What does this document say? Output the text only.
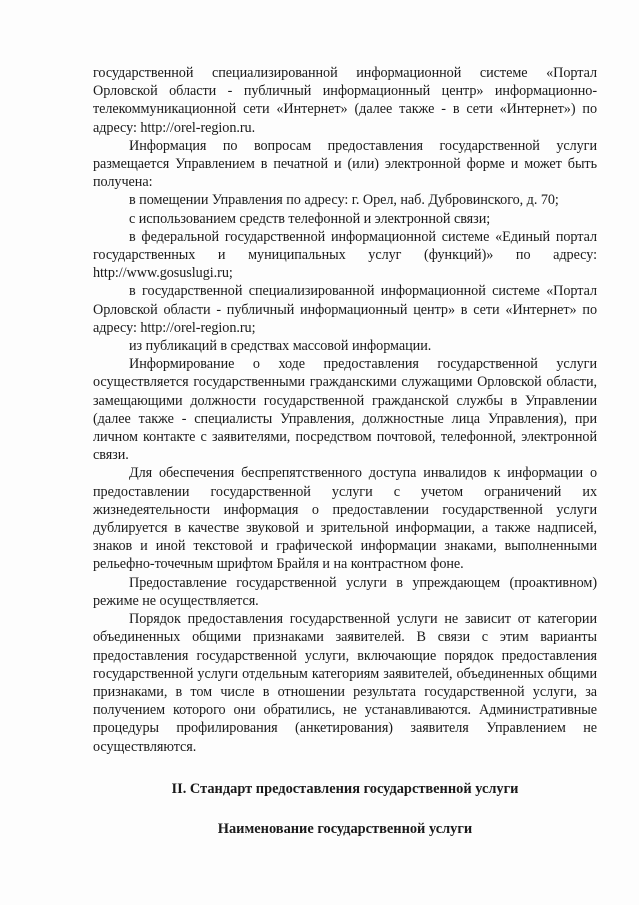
государственной специализированной информационной системе «Портал Орловской области - публичный информационный центр» информационно-телекоммуникационной сети «Интернет» (далее также - в сети «Интернет») по адресу: http://orel-region.ru.

Информация по вопросам предоставления государственной услуги размещается Управлением в печатной и (или) электронной форме и может быть получена:

в помещении Управления по адресу: г. Орел, наб. Дубровинского, д. 70;

с использованием средств телефонной и электронной связи;

в федеральной государственной информационной системе «Единый портал государственных и муниципальных услуг (функций)» по адресу: http://www.gosuslugi.ru;

в государственной специализированной информационной системе «Портал Орловской области - публичный информационный центр» в сети «Интернет» по адресу: http://orel-region.ru;

из публикаций в средствах массовой информации.

Информирование о ходе предоставления государственной услуги осуществляется государственными гражданскими служащими Орловской области, замещающими должности государственной гражданской службы в Управлении (далее также - специалисты Управления, должностные лица Управления), при личном контакте с заявителями, посредством почтовой, телефонной, электронной связи.

Для обеспечения беспрепятственного доступа инвалидов к информации о предоставлении государственной услуги с учетом ограничений их жизнедеятельности информация о предоставлении государственной услуги дублируется в качестве звуковой и зрительной информации, а также надписей, знаков и иной текстовой и графической информации знаками, выполненными рельефно-точечным шрифтом Брайля и на контрастном фоне.

Предоставление государственной услуги в упреждающем (проактивном) режиме не осуществляется.

Порядок предоставления государственной услуги не зависит от категории объединенных общими признаками заявителей. В связи с этим варианты предоставления государственной услуги, включающие порядок предоставления государственной услуги отдельным категориям заявителей, объединенных общими признаками, в том числе в отношении результата государственной услуги, за получением которого они обратились, не устанавливаются. Административные процедуры профилирования (анкетирования) заявителя Управлением не осуществляются.

II. Стандарт предоставления государственной услуги

Наименование государственной услуги
